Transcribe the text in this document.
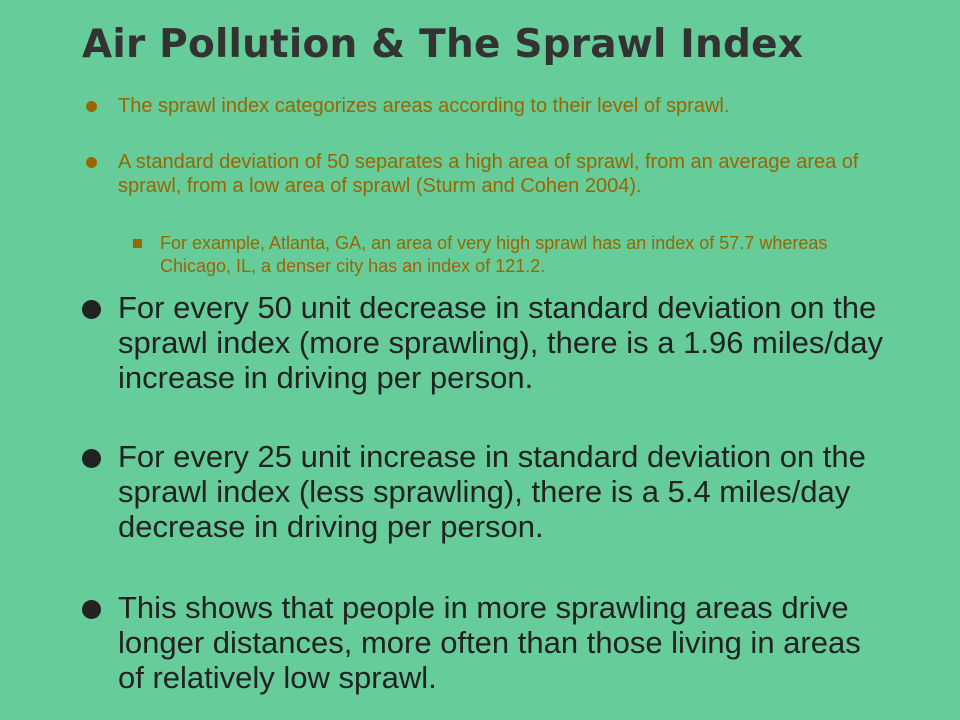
Air Pollution & The Sprawl Index

The sprawl index categorizes areas according to their level of sprawl.

A standard deviation of 50 separates a high area of sprawl, from an average area of sprawl, from a low area of sprawl (Sturm and Cohen 2004).

For example, Atlanta, GA, an area of very high sprawl has an index of 57.7 whereas Chicago, IL, a denser city has an index of 121.2.

For every 50 unit decrease in standard deviation on the sprawl index (more sprawling), there is a 1.96 miles/day increase in driving per person.

For every 25 unit increase in standard deviation on the sprawl index (less sprawling), there is a 5.4 miles/day decrease in driving per person.

This shows that people in more sprawling areas drive longer distances, more often than those living in areas of relatively low sprawl.
